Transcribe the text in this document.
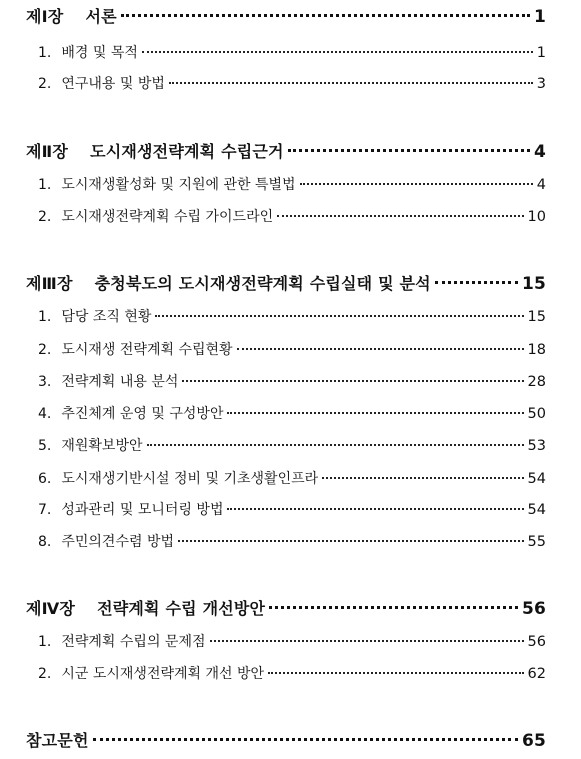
제Ⅰ장 서론	1
1. 배경 및 목적	1
2. 연구내용 및 방법	3
제Ⅱ장 도시재생전략계획 수립근거	4
1. 도시재생활성화 및 지원에 관한 특별법	4
2. 도시재생전략계획 수립 가이드라인	10
제Ⅲ장 충청북도의 도시재생전략계획 수립실태 및 분석	15
1. 담당 조직 현황	15
2. 도시재생 전략계획 수립현황	18
3. 전략계획 내용 분석	28
4. 추진체계 운영 및 구성방안	50
5. 재원확보방안	53
6. 도시재생기반시설 정비 및 기초생활인프라	54
7. 성과관리 및 모니터링 방법	54
8. 주민의견수렴 방법	55
제Ⅳ장 전략계획 수립 개선방안	56
1. 전략계획 수립의 문제점	56
2. 시군 도시재생전략계획 개선 방안	62
참고문헌	65
